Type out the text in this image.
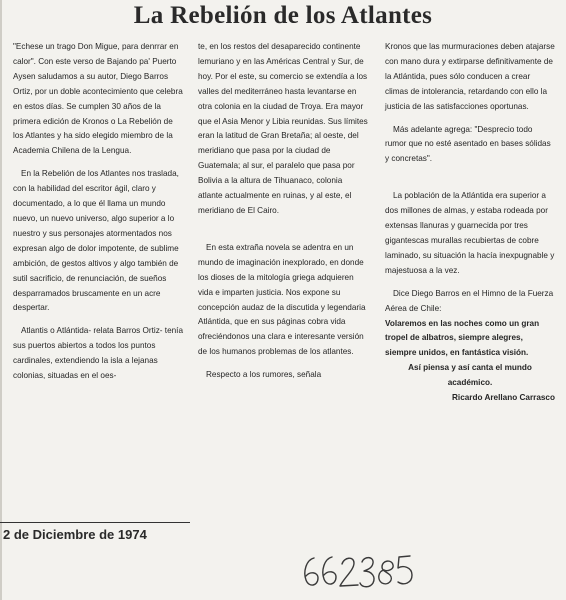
La Rebelión de los Atlantes

"Echese un trago Don Migue, para denrrar en calor". Con este verso de Bajando pa' Puerto Aysen saludamos a su autor, Diego Barros Ortiz, por un doble acontecimiento que celebra en estos días. Se cumplen 30 años de la primera edición de Kronos o La Rebelión de los Atlantes y ha sido elegido miembro de la Academia Chilena de la Lengua.

En la Rebelión de los Atlantes nos traslada, con la habilidad del escritor ágil, claro y documentado, a lo que él llama un mundo nuevo, un nuevo universo, algo superior a lo nuestro y sus personajes atormentados nos expresan algo de dolor impotente, de sublime ambición, de gestos altivos y algo también de sutil sacrificio, de renunciación, de sueños desparramados bruscamente en un acre despertar.

Atlantis o Atlántida- relata Barros Ortiz- tenía sus puertos abiertos a todos los puntos cardinales, extendiendo la isla a lejanas colonias, situadas en el oes-

te, en los restos del desaparecido continente lemuriano y en las Américas Central y Sur, de hoy. Por el este, su comercio se extendía a los valles del mediterráneo hasta levantarse en otra colonia en la ciudad de Troya. Era mayor que el Asia Menor y Libia reunidas. Sus límites eran la latitud de Gran Bretaña; al oeste, del meridiano que pasa por la ciudad de Guatemala; al sur, el paralelo que pasa por Bolivia a la altura de Tihuanaco, colonia atlante actualmente en ruinas, y al este, el meridiano de El Cairo.

En esta extraña novela se adentra en un mundo de imaginación inexplorado, en donde los dioses de la mitología griega adquieren vida e imparten justicia. Nos expone su concepción audaz de la discutida y legendaria Atlántida, que en sus páginas cobra vida ofreciéndonos una clara e interesante versión de los humanos problemas de los atlantes.

Respecto a los rumores, señala

Kronos que las murmuraciones deben atajarse con mano dura y extirparse definitivamente de la Atlántida, pues sólo conducen a crear climas de intolerancia, retardando con ello la justicia de las satisfacciones oportunas.

Más adelante agrega: "Desprecio todo rumor que no esté asentado en bases sólidas y concretas".

La población de la Atlántida era superior a dos millones de almas, y estaba rodeada por extensas llanuras y guarnecida por tres gigantescas murallas recubiertas de cobre laminado, su situación la hacía inexpugnable y majestuosa a la vez.

Dice Diego Barros en el Himno de la Fuerza Aérea de Chile:

Volaremos en las noches como un gran tropel de albatros, siempre alegres, siempre unidos, en fantástica visión.

Así piensa y así canta el mundo académico.

Ricardo Arellano Carrasco

2 de Diciembre de 1974
